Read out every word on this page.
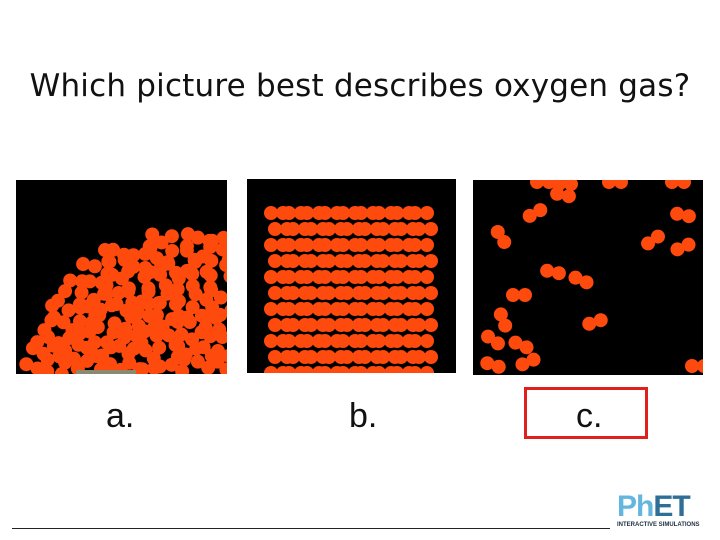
Which picture best describes oxygen gas?
a.	b.	c.
PhET
INTERACTIVE SIMULATIONS
